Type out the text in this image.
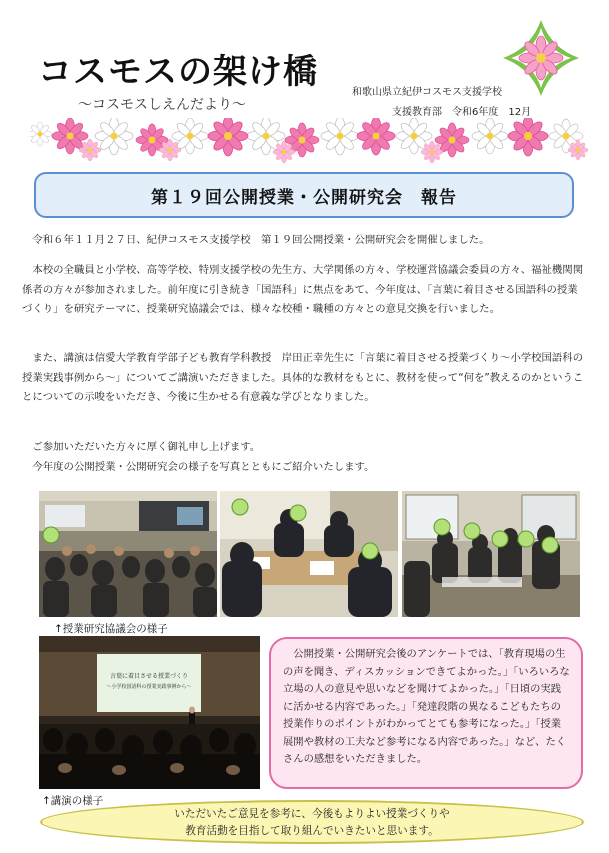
コスモスの架け橋
～コスモスしえんだより～
和歌山県立紀伊コスモス支援学校
支援教育部　令和6年度　12月
第１９回公開授業・公開研究会　報告

令和６年１１月２７日、紀伊コスモス支援学校　第１９回公開授業・公開研究会を開催しました。

本校の全職員と小学校、高等学校、特別支援学校の先生方、大学関係の方々、学校運営協議会委員の方々、福祉機関関係者の方々が参加されました。前年度に引き続き「国語科」に焦点をあて、今年度は、「言葉に着目させる国語科の授業づくり」を研究テーマに、授業研究協議会では、様々な校種・職種の方々との意見交換を行いました。

また、講演は信愛大学教育学部子ども教育学科教授　岸田正幸先生に「言葉に着目させる授業づくり～小学校国語科の授業実践事例から～」についてご講演いただきました。具体的な教材をもとに、教材を使って“何を”教えるのかということについての示唆をいただき、今後に生かせる有意義な学びとなりました。

ご参加いただいた方々に厚く御礼申し上げます。

今年度の公開授業・公開研究会の様子を写真とともにご紹介いたします。

↑授業研究協議会の様子
言葉に着目させる授業づくり
～小学校国語科の授業実践事例から～
↑講演の様子

公開授業・公開研究会後のアンケートでは、「教育現場の生の声を聞き、ディスカッションできてよかった。」「いろいろな立場の人の意見や思いなどを聞けてよかった。」「日頃の実践に活かせる内容であった。」「発達段階の異なるこどもたちの授業作りのポイントがわかってとても参考になった。」「授業展開や教材の工夫など参考になる内容であった。」など、たくさんの感想をいただきました。

いただいたご意見を参考に、今後もよりよい授業づくりや
教育活動を目指して取り組んでいきたいと思います。
